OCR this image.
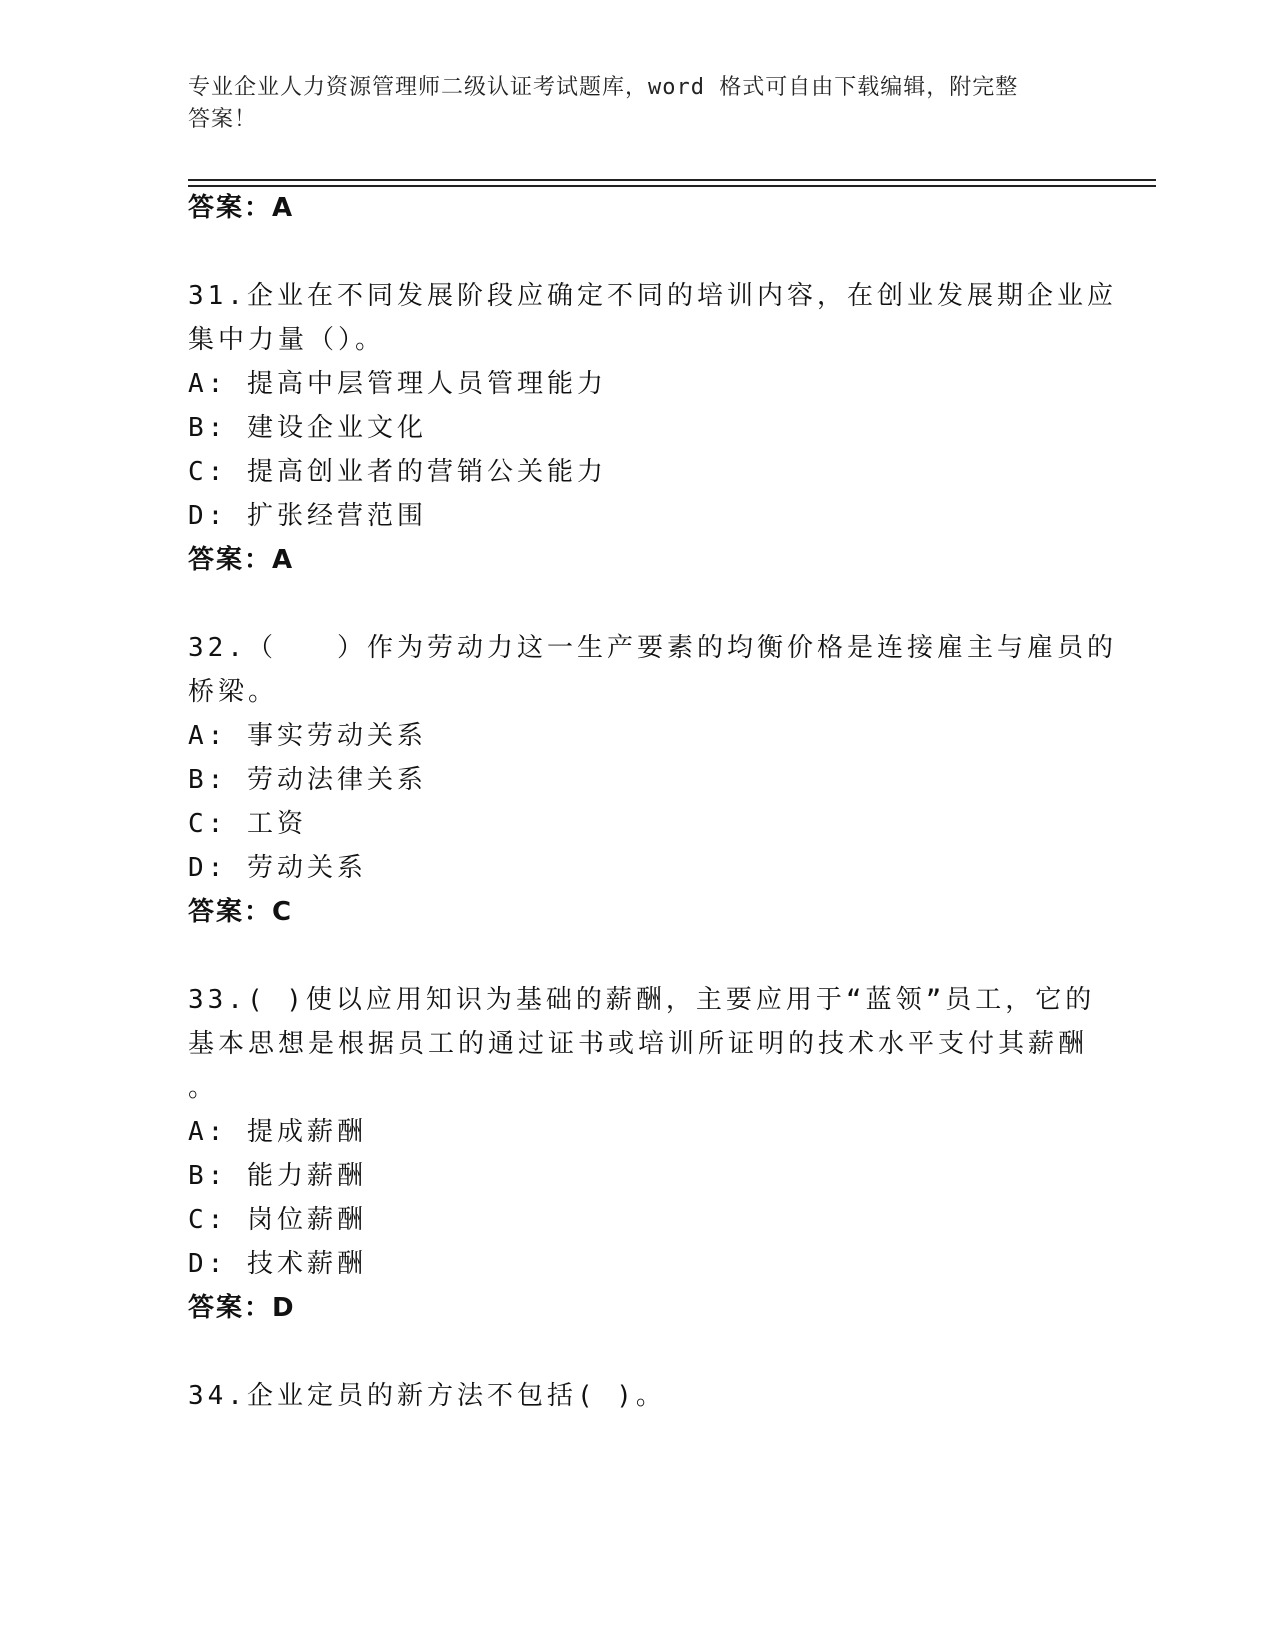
专业企业人力资源管理师二级认证考试题库，word 格式可自由下载编辑，附完整
答案！
答案：A
31.企业在不同发展阶段应确定不同的培训内容，在创业发展期企业应
集中力量（）。
A: 提高中层管理人员管理能力
B: 建设企业文化
C: 提高创业者的营销公关能力
D: 扩张经营范围
答案：A
32.（　　）作为劳动力这一生产要素的均衡价格是连接雇主与雇员的
桥梁。
A: 事实劳动关系
B: 劳动法律关系
C: 工资
D: 劳动关系
答案：C
33.( )使以应用知识为基础的薪酬，主要应用于“蓝领”员工，它的
基本思想是根据员工的通过证书或培训所证明的技术水平支付其薪酬
。
A: 提成薪酬
B: 能力薪酬
C: 岗位薪酬
D: 技术薪酬
答案：D
34.企业定员的新方法不包括( )。
